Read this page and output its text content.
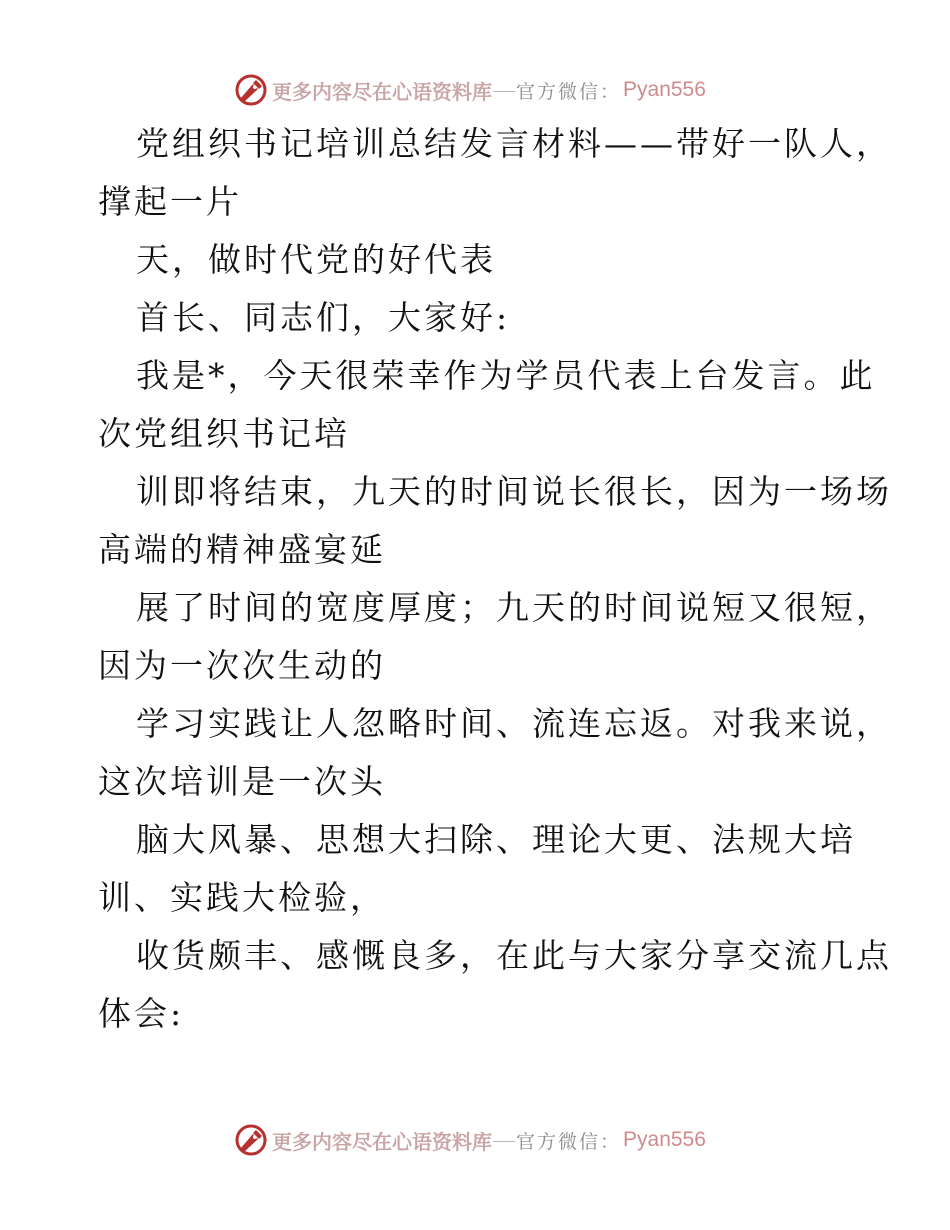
更多内容尽在心语资料库 官方微信： Pyan556
党组织书记培训总结发言材料——带好一队人，
撑起一片
天，做时代党的好代表
首长、同志们，大家好:
我是*，今天很荣幸作为学员代表上台发言。此
次党组织书记培
训即将结束，九天的时间说长很长，因为一场场
高端的精神盛宴延
展了时间的宽度厚度；九天的时间说短又很短，
因为一次次生动的
学习实践让人忽略时间、流连忘返。对我来说，
这次培训是一次头
脑大风暴、思想大扫除、理论大更、法规大培
训、实践大检验，
收货颇丰、感慨良多，在此与大家分享交流几点
体会:
更多内容尽在心语资料库 官方微信： Pyan556
